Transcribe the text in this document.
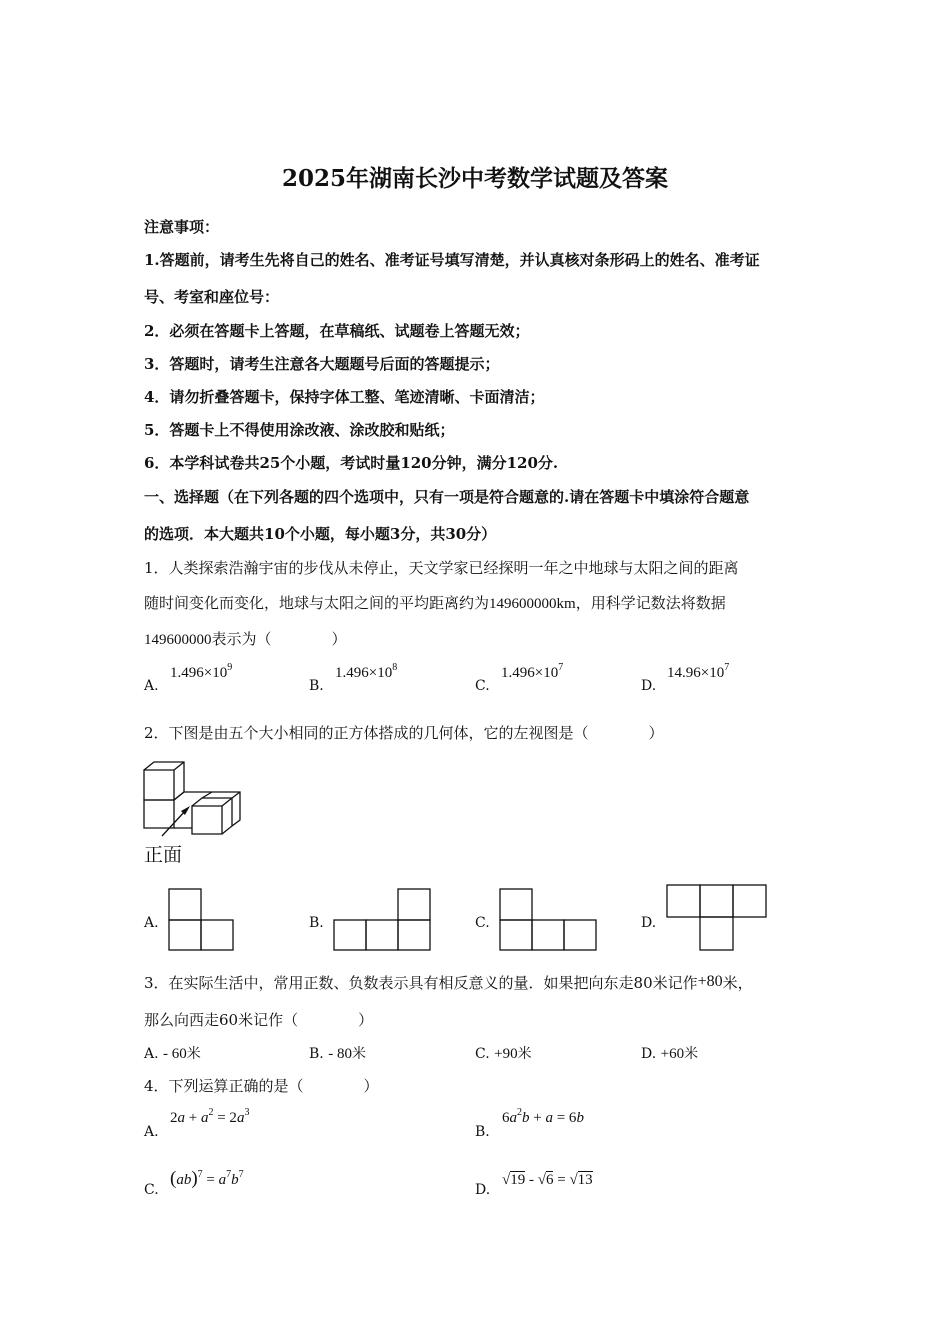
2025年湖南长沙中考数学试题及答案
注意事项：
1.答题前，请考生先将自己的姓名、准考证号填写清楚，并认真核对条形码上的姓名、准考证
号、考室和座位号：
2．必须在答题卡上答题，在草稿纸、试题卷上答题无效；
3．答题时，请考生注意各大题题号后面的答题提示；
4．请勿折叠答题卡，保持字体工整、笔迹清晰、卡面清洁；
5．答题卡上不得使用涂改液、涂改胶和贴纸；
6．本学科试卷共25个小题，考试时量120分钟，满分120分.
一、选择题（在下列各题的四个选项中，只有一项是符合题意的.请在答题卡中填涂符合题意
的选项．本大题共10个小题，每小题3分，共30分）
1．人类探索浩瀚宇宙的步伐从未停止，天文学家已经探明一年之中地球与太阳之间的距离
随时间变化而变化，地球与太阳之间的平均距离约为149600000km，用科学记数法将数据
149600000表示为（　　　　）
A.
$1.496\times 10^9$
B.
$1.496\times 10^8$
C.
$1.496\times 10^7$
D.
$14.96\times 10^7$
2．下图是由五个大小相同的正方体搭成的几何体，它的左视图是（　　　　）
正面
A.	B.	C.	D.
3．在实际生活中，常用正数、负数表示具有相反意义的量．如果把向东走80米记作+80米，
那么向西走60米记作（　　　　）
A. - 60米	B. - 80米	C. +90米	D. +60米
4．下列运算正确的是（　　　　）
A.
$2a + a^2 = 2a^3$
B.
$6a^2b + a = 6b$
C.
$(ab)^7 = a^7b^7$
D.
√19 - √6 = √13
